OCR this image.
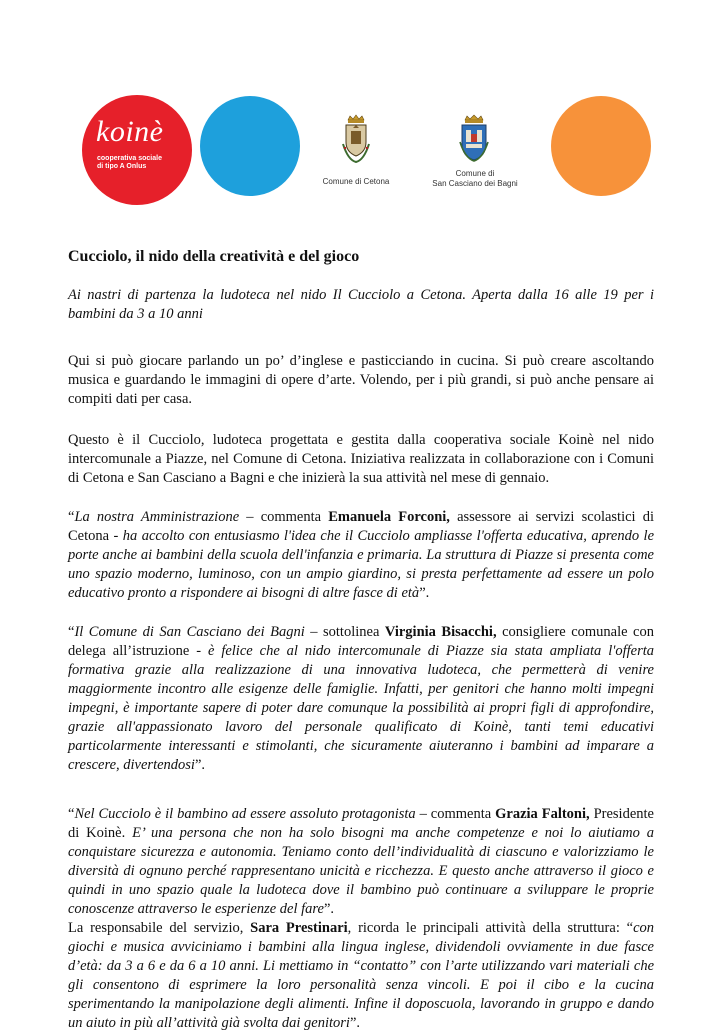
koinè
cooperativa sociale
di tipo A Onlus
Comune di Cetona
Comune di
San Casciano dei Bagni
Cucciolo, il nido della creatività e del gioco
Ai nastri di partenza la ludoteca nel nido Il Cucciolo a Cetona. Aperta dalla 16 alle 19 per i bambini da 3 a 10 anni

Qui si può giocare parlando un po’ d’inglese e pasticciando in cucina. Si può creare ascoltando musica e guardando le immagini di opere d’arte. Volendo, per i più grandi, si può anche pensare ai compiti dati per casa.

Questo è il Cucciolo, ludoteca progettata e gestita dalla cooperativa sociale Koinè nel nido intercomunale a Piazze, nel Comune di Cetona. Iniziativa realizzata in collaborazione con i Comuni di Cetona e San Casciano a Bagni e che inizierà la sua attività nel mese di gennaio.

“La nostra Amministrazione – commenta Emanuela Forconi, assessore ai servizi scolastici di Cetona - ha accolto con entusiasmo l'idea che il Cucciolo ampliasse l'offerta educativa, aprendo le porte anche ai bambini della scuola dell'infanzia e primaria. La struttura di Piazze si presenta come uno spazio moderno, luminoso, con un ampio giardino, si presta perfettamente ad essere un polo educativo pronto a rispondere ai bisogni di altre fasce di età”.

“Il Comune di San Casciano dei Bagni – sottolinea Virginia Bisacchi, consigliere comunale con delega all’istruzione - è felice che al nido intercomunale di Piazze sia stata ampliata l'offerta formativa grazie alla realizzazione di una innovativa ludoteca, che permetterà di venire maggiormente incontro alle esigenze delle famiglie. Infatti, per genitori che hanno molti impegni impegni, è importante sapere di poter dare comunque la possibilità ai propri figli di approfondire, grazie all'appassionato lavoro del personale qualificato di Koinè, tanti temi educativi particolarmente interessanti e stimolanti, che sicuramente aiuteranno i bambini ad imparare a crescere, divertendosi”.

“Nel Cucciolo è il bambino ad essere assoluto protagonista – commenta Grazia Faltoni, Presidente di Koinè. E’ una persona che non ha solo bisogni ma anche competenze e noi lo aiutiamo a conquistare sicurezza e autonomia. Teniamo conto dell’individualità di ciascuno e valorizziamo le diversità di ognuno perché rappresentano unicità e ricchezza. E questo anche attraverso il gioco e quindi in uno spazio quale la ludoteca dove il bambino può continuare a sviluppare le proprie conoscenze attraverso le esperienze del fare”.

La responsabile del servizio, Sara Prestinari, ricorda le principali attività della struttura: “con giochi e musica avviciniamo i bambini alla lingua inglese, dividendoli ovviamente in due fasce d’età: da 3 a 6 e da 6 a 10 anni. Li mettiamo in “contatto” con l’arte utilizzando vari materiali che gli consentono di esprimere la loro personalità senza vincoli. E poi il cibo e la cucina sperimentando la manipolazione degli alimenti. Infine il doposcuola, lavorando in gruppo e dando un aiuto in più all’attività già svolta dai genitori”.
